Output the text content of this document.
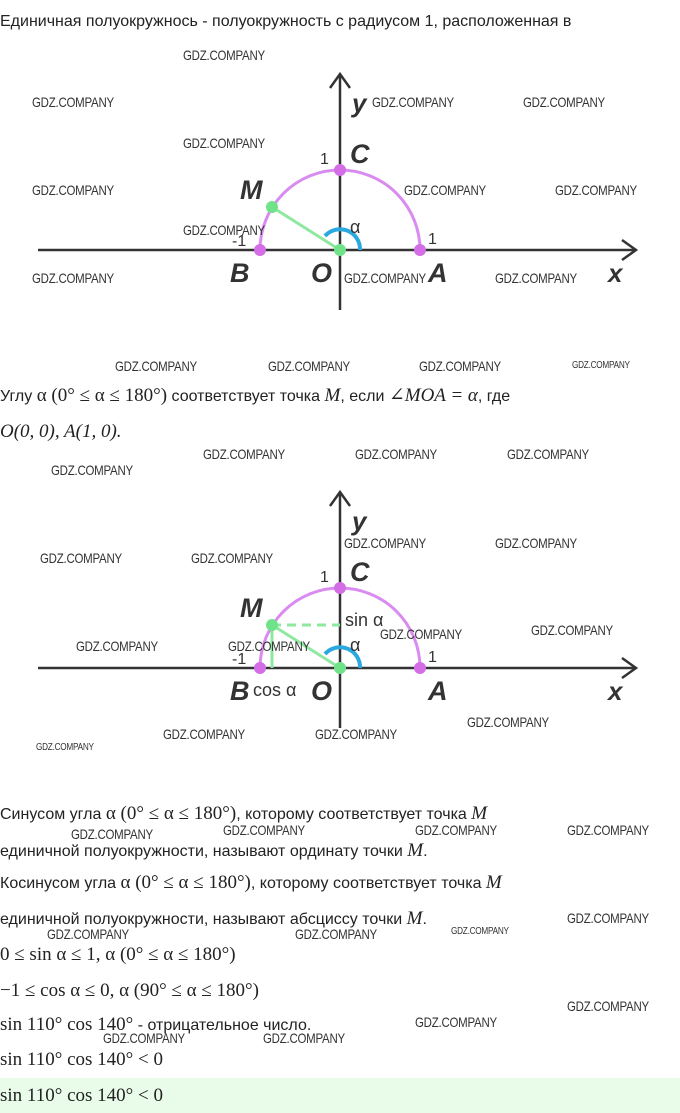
Единичная полуокружнось - полуокружность с радиусом 1, расположенная в
y
x
C
M
B O	A
1
-1	1
α
Углу α (0° ≤ α ≤ 180°) соответствует точка M, если ∠MOA = α, где
O(0, 0), A(1, 0).
y
x
C
M
B O	A
1
-1	1
α
sin α
cos α
Синусом угла α (0° ≤ α ≤ 180°), которому соответствует точка M
единичной полуокружности, называют ординату точки M.
Косинусом угла α (0° ≤ α ≤ 180°), которому соответствует точка M
единичной полуокружности, называют абсциссу точки M.
0 ≤ sin α ≤ 1, α (0° ≤ α ≤ 180°)
−1 ≤ cos α ≤ 0, α (90° ≤ α ≤ 180°)
sin 110° cos 140° - отрицательное число.
sin 110° cos 140° < 0
sin 110° cos 140° < 0
GDZ.COMPANY
GDZ.COMPANY	GDZ.COMPANY	GDZ.COMPANY
GDZ.COMPANY
GDZ.COMPANY	GDZ.COMPANY	GDZ.COMPANY
GDZ.COMPANY
GDZ.COMPANY	GDZ.COMPANY	GDZ.COMPANY
GDZ.COMPANY	GDZ.COMPANY	GDZ.COMPANY	GDZ.COMPANY
GDZ.COMPANY	GDZ.COMPANY	GDZ.COMPANY
GDZ.COMPANY
GDZ.COMPANY	GDZ.COMPANY
GDZ.COMPANY	GDZ.COMPANY
GDZ.COMPANY	GDZ.COMPANY
GDZ.COMPANY	GDZ.COMPANY
GDZ.COMPANY
GDZ.COMPANY	GDZ.COMPANY
GDZ.COMPANY
GDZ.COMPANY	GDZ.COMPANY	GDZ.COMPANY	GDZ.COMPANY
GDZ.COMPANY
GDZ.COMPANY
GDZ.COMPANY	GDZ.COMPANY
GDZ.COMPANY
GDZ.COMPANY
GDZ.COMPANY	GDZ.COMPANY
